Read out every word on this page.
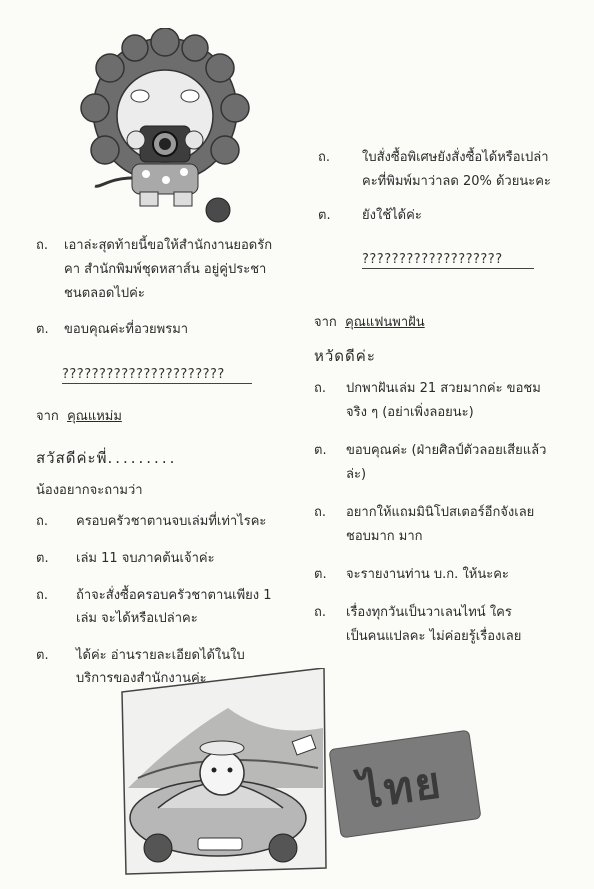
ถ. เอาล่ะสุดท้ายนี้ขอให้สำนักงานยอดรัก
คา สำนักพิมพ์ชุดหสาส์น อยู่คู่ประชา
ชนตลอดไปค่ะ
ต. ขอบคุณค่ะที่อวยพรมา
??????????????????????
จาก คุณแหม่ม
สวัสดีค่ะพี่.........
น้องอยากจะถามว่า
ถ. ครอบครัวชาตานจบเล่มที่เท่าไรคะ
ต. เล่ม 11 จบภาคต้นเจ้าค่ะ
ถ. ถ้าจะสั่งซื้อครอบครัวชาตานเพียง 1
เล่ม จะได้หรือเปล่าคะ
ต. ได้ค่ะ อ่านรายละเอียดได้ในใบ
บริการของสำนักงานค่ะ
ถ. ใบสั่งซื้อพิเศษยังสั่งซื้อได้หรือเปล่า
คะที่พิมพ์มาว่าลด 20% ด้วยนะคะ
ต. ยังใช้ได้ค่ะ
???????????????????
จาก คุณแฟนพาฝัน
หวัดดีค่ะ
ถ. ปกพาฝันเล่ม 21 สวยมากค่ะ ขอชม
จริง ๆ (อย่าเพิ่งลอยนะ)
ต. ขอบคุณค่ะ (ฝ่ายศิลป์ตัวลอยเสียแล้ว
ล่ะ)
ถ. อยากให้แถมมินิโปสเตอร์อีกจังเลย
ชอบมาก มาก
ต. จะรายงานท่าน บ.ก. ให้นะคะ
ถ. เรื่องทุกวันเป็นวาเลนไทน์ ใคร
เป็นคนแปลคะ ไม่ค่อยรู้เรื่องเลย
ไทย
